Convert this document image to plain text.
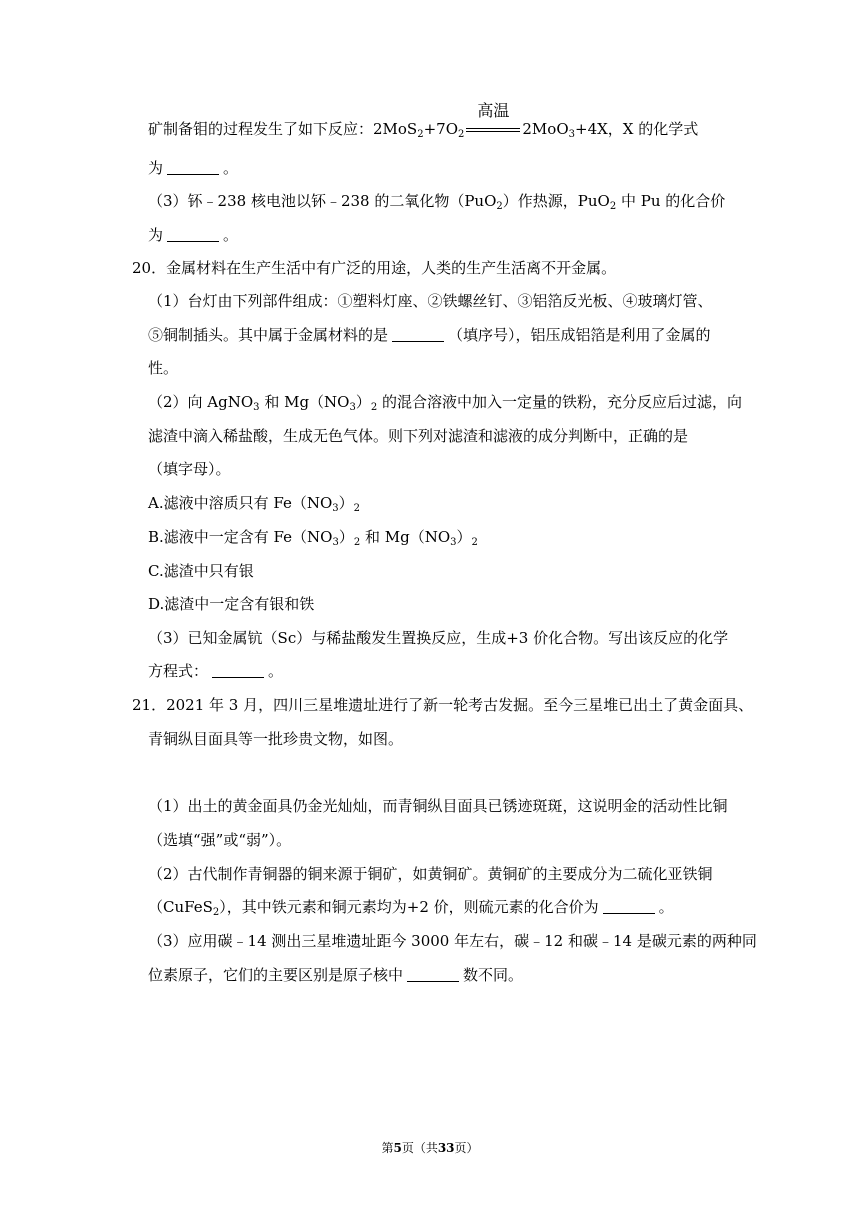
矿制备钼的过程发生了如下反应：$2MoS_2+7O_2$
高温
2MoO$_3$+4X，X 的化学式
为	。
（3）钚﹣238 核电池以钚﹣238 的二氧化物（PuO$_2$）作热源，PuO$_2$ 中 Pu 的化合价
为	。
20．金属材料在生产生活中有广泛的用途，人类的生产生活离不开金属。
（1）台灯由下列部件组成：①塑料灯座、②铁螺丝钉、③铝箔反光板、④玻璃灯管、
⑤铜制插头。其中属于金属材料的是	（填序号），铝压成铝箔是利用了金属的
性。
（2）向 AgNO$_3$ 和 $Mg(NO_3)_2$ 的混合溶液中加入一定量的铁粉，充分反应后过滤，向
滤渣中滴入稀盐酸，生成无色气体。则下列对滤渣和滤液的成分判断中，正确的是
（填字母）。
A.滤液中溶质只有 $Fe(NO_3)_2$
B.滤液中一定含有 $Fe(NO_3)_2$ 和 $Mg(NO_3)_2$
C.滤渣中只有银
D.滤渣中一定含有银和铁
（3）已知金属钪（Sc）与稀盐酸发生置换反应，生成+3 价化合物。写出该反应的化学
方程式：	。
21．2021 年 3 月，四川三星堆遗址进行了新一轮考古发掘。至今三星堆已出土了黄金面具、
青铜纵目面具等一批珍贵文物，如图。
（1）出土的黄金面具仍金光灿灿，而青铜纵目面具已锈迹斑斑，这说明金的活动性比铜
（选填“强”或“弱”）。
（2）古代制作青铜器的铜来源于铜矿，如黄铜矿。黄铜矿的主要成分为二硫化亚铁铜
（CuFeS$_2$），其中铁元素和铜元素均为+2 价，则硫元素的化合价为	。
（3）应用碳﹣14 测出三星堆遗址距今 3000 年左右，碳﹣12 和碳﹣14 是碳元素的两种同
位素原子，它们的主要区别是原子核中	数不同。
第5页（共33页）
